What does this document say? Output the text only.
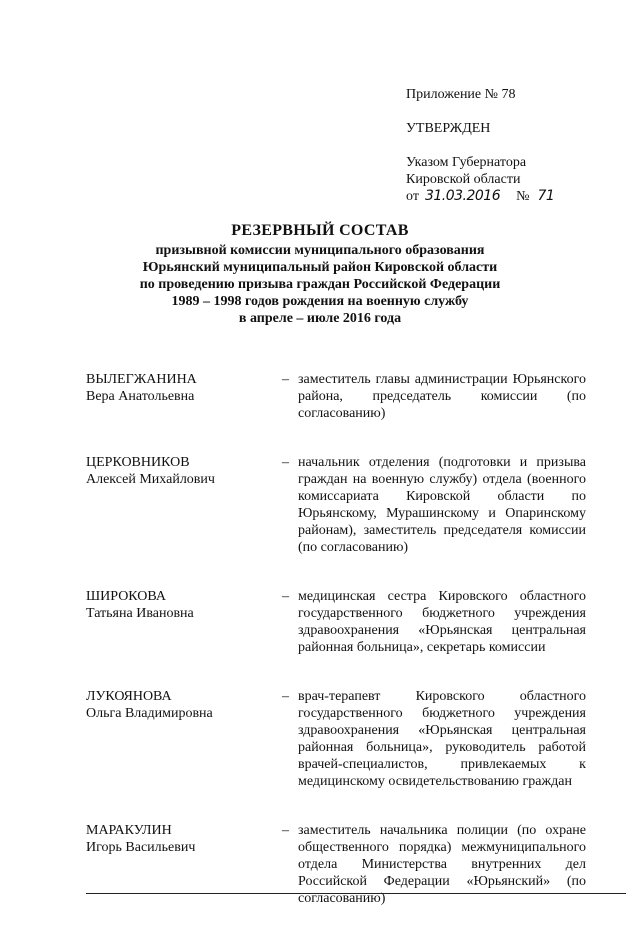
Приложение № 78
УТВЕРЖДЕН
Указом Губернатора
Кировской области
от 31.03.2016 № 71
РЕЗЕРВНЫЙ СОСТАВ
призывной комиссии муниципального образования
Юрьянский муниципальный район Кировской области
по проведению призыва граждан Российской Федерации
1989 – 1998 годов рождения на военную службу
в апреле – июле 2016 года
ВЫЛЕГЖАНИНА
Вера Анатольевна
– заместитель главы администрации Юрьянского района, председатель комиссии (по согласованию)
ЦЕРКОВНИКОВ
Алексей Михайлович
– начальник отделения (подготовки и призыва граждан на военную службу) отдела (военного комиссариата Кировской области по Юрьянскому, Мурашинскому и Опаринскому районам), заместитель председателя комиссии (по согласованию)
ШИРОКОВА
Татьяна Ивановна
– медицинская сестра Кировского областного государственного бюджетного учреждения здравоохранения «Юрьянская центральная районная больница», секретарь комиссии
ЛУКОЯНОВА
Ольга Владимировна
– врач-терапевт Кировского областного государственного бюджетного учреждения здравоохранения «Юрьянская центральная районная больница», руководитель работой врачей-специалистов, привлекаемых к медицинскому освидетельствованию граждан
МАРАКУЛИН
Игорь Васильевич
– заместитель начальника полиции (по охране общественного порядка) межмуниципального отдела Министерства внутренних дел Российской Федерации «Юрьянский» (по согласованию)
